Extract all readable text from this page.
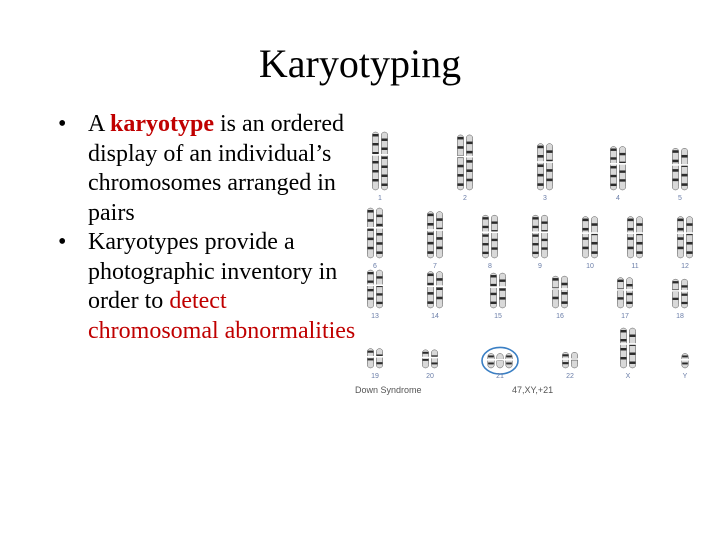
Karyotyping
• A karyotype is an ordered display of an individual’s chromosomes arranged in pairs
• Karyotypes provide a photographic inventory in order to detect chromosomal abnormalities
1	2	3	4	5
6	7	8	9	10	11	12
13	14	15	16	17	18
19	20	21	22	X	Y
Down Syndrome	47,XY,+21
